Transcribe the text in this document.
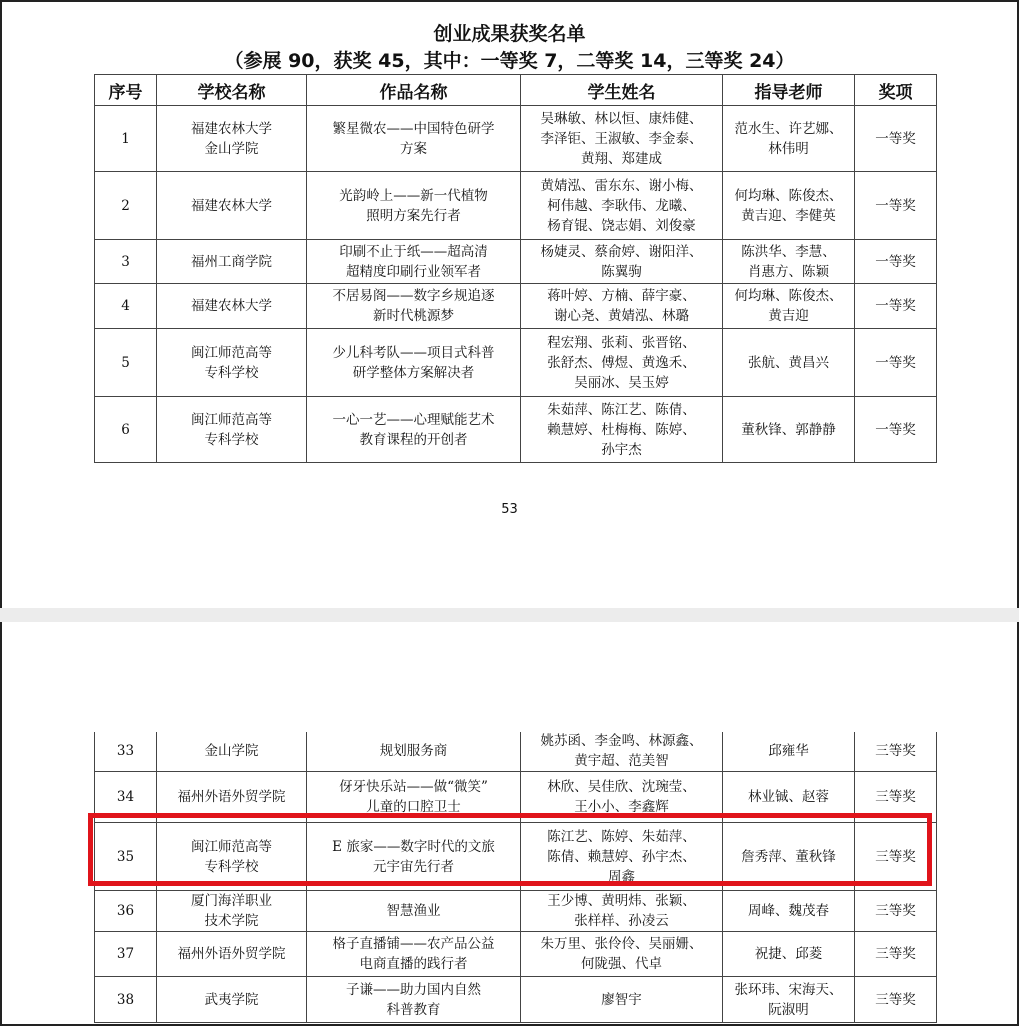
创业成果获奖名单
（参展 90，获奖 45，其中：一等奖 7，二等奖 14，三等奖 24）
序号	学校名称	作品名称	学生姓名	指导老师	奖项
1	福建农林大学
金山学院	繁星微农——中国特色研学
方案	吴琳敏、林以恒、康炜健、
李泽钜、王淑敏、李金泰、
黄翔、郑建成	范水生、许艺娜、
林伟明	一等奖
2	福建农林大学	光韵岭上——新一代植物
照明方案先行者	黄婧泓、雷东东、谢小梅、
柯伟越、李耿伟、龙曦、
杨育锟、饶志娟、刘俊豪	何均琳、陈俊杰、
黄吉迎、李健英	一等奖
3	福州工商学院	印刷不止于纸——超高清
超精度印刷行业领军者	杨婕灵、蔡俞婷、谢阳洋、
陈翼驹	陈洪华、李慧、
肖惠方、陈颖	一等奖
4	福建农林大学	不居易阁——数字乡规追逐
新时代桃源梦	蒋叶婷、方楠、薛宇豪、
谢心尧、黄婧泓、林璐	何均琳、陈俊杰、
黄吉迎	一等奖
5	闽江师范高等
专科学校	少儿科考队——项目式科普
研学整体方案解决者	程宏翔、张莉、张晋铭、
张舒杰、傅煜、黄逸禾、
吴丽冰、吴玉婷	张航、黄昌兴	一等奖
6	闽江师范高等
专科学校	一心一艺——心理赋能艺术
教育课程的开创者	朱茹萍、陈江艺、陈倩、
赖慧婷、杜梅梅、陈婷、
孙宇杰	董秋锋、郭静静	一等奖
53
33	金山学院	规划服务商	姚苏函、李金鸣、林源鑫、
黄宇超、范美智	邱雍华	三等奖
34	福州外语外贸学院	伢牙快乐站——做“微笑”
儿童的口腔卫士	林欣、吴佳欣、沈琬莹、
王小小、李鑫辉	林业铖、赵蓉	三等奖
35	闽江师范高等
专科学校	E 旅家——数字时代的文旅
元宇宙先行者	陈江艺、陈婷、朱茹萍、
陈倩、赖慧婷、孙宇杰、
周鑫	詹秀萍、董秋锋	三等奖
36	厦门海洋职业
技术学院	智慧渔业	王少博、黄明炜、张颖、
张样样、孙凌云	周峰、魏茂春	三等奖
37	福州外语外贸学院	格子直播铺——农产品公益
电商直播的践行者	朱万里、张伶伶、吴丽姗、
何陇强、代卓	祝捷、邱菱	三等奖
38	武夷学院	子谦——助力国内自然
科普教育	廖智宇	张环玮、宋海天、
阮淑明	三等奖
